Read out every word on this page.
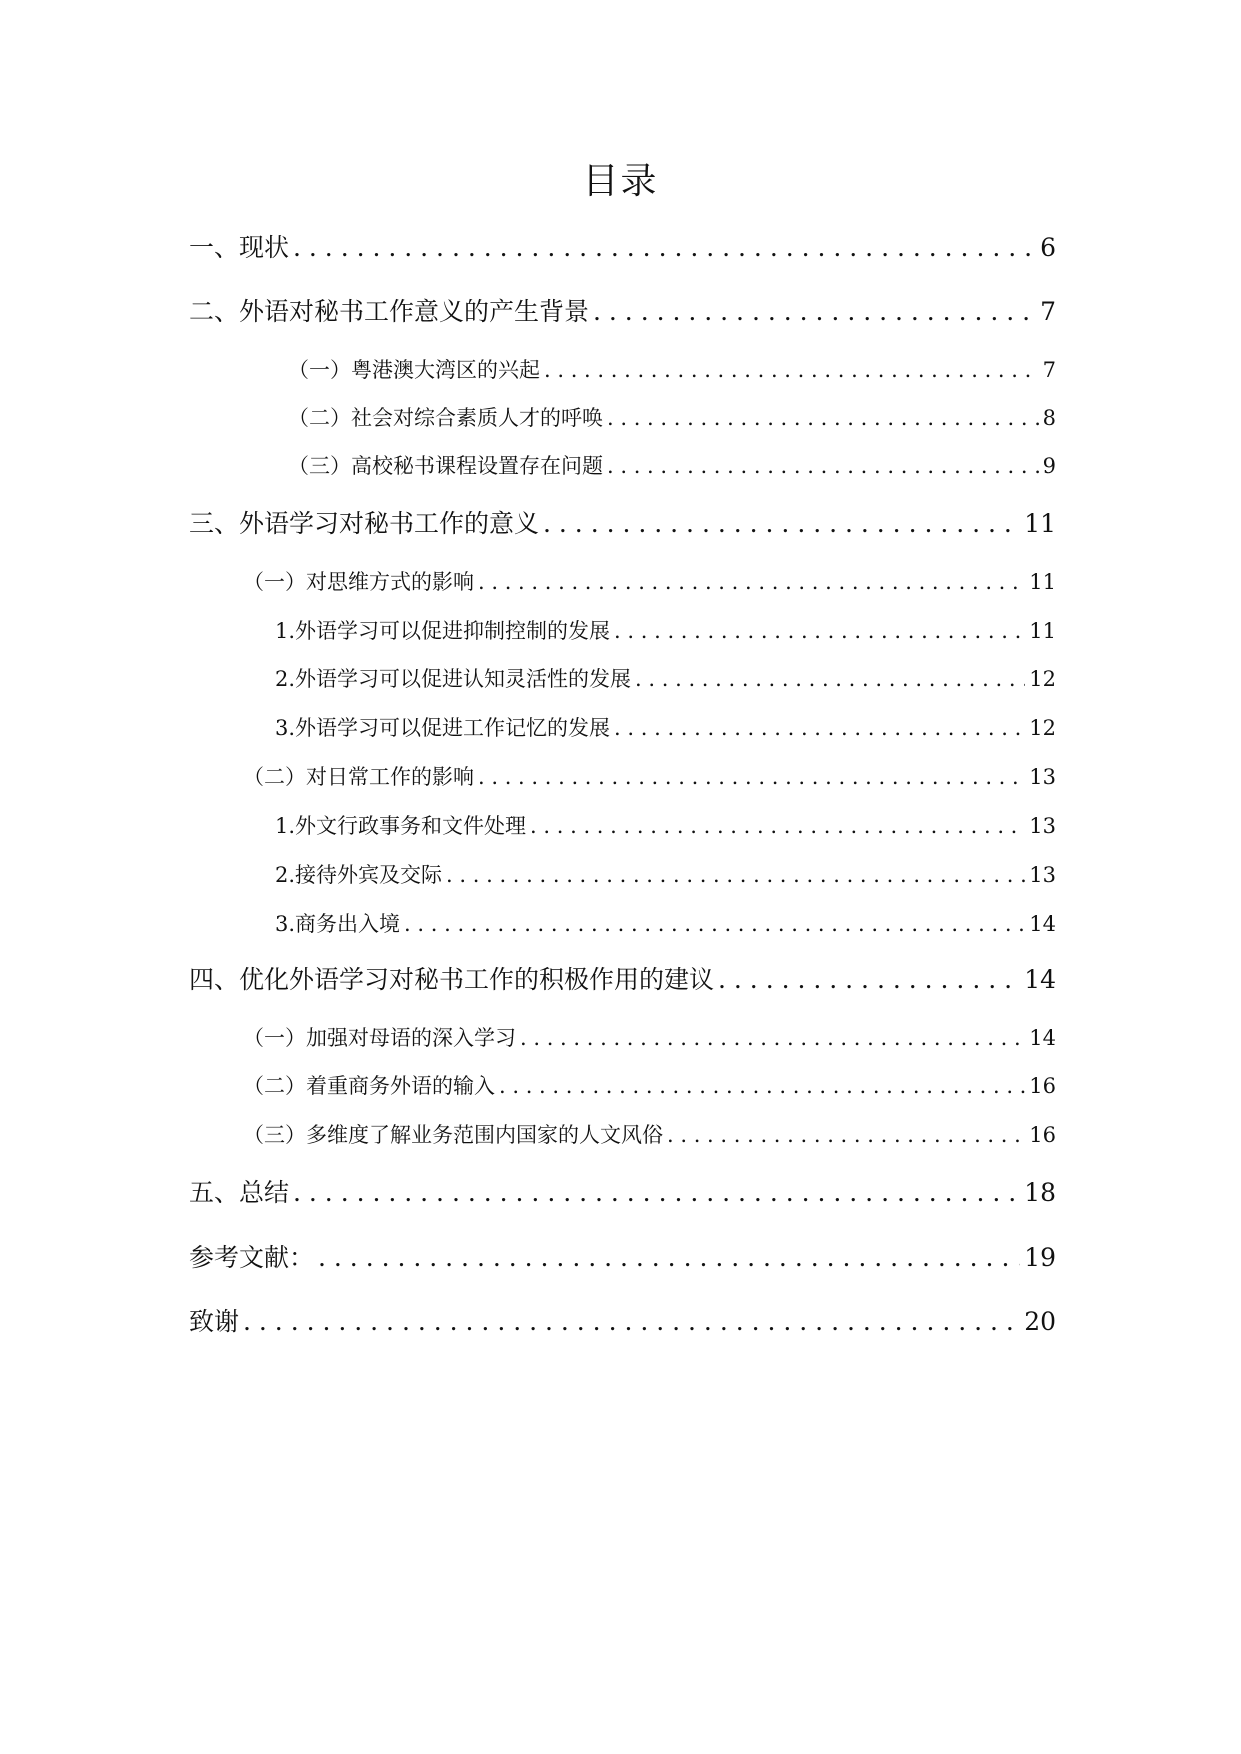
目录
一、现状 . . .	6
二、外语对秘书工作意义的产生背景 . . .	7
（一）粤港澳大湾区的兴起 . . .	7
（二）社会对综合素质人才的呼唤 . . .	8
（三）高校秘书课程设置存在问题 . . .	9
三、外语学习对秘书工作的意义 . . .	11
（一）对思维方式的影响 . . .	11
1.外语学习可以促进抑制控制的发展 . . .	11
2.外语学习可以促进认知灵活性的发展 . . .	12
3.外语学习可以促进工作记忆的发展 . . .	12
（二）对日常工作的影响 . . .	13
1.外文行政事务和文件处理 . . .	13
2.接待外宾及交际 . . .	13
3.商务出入境 . . .	14
四、优化外语学习对秘书工作的积极作用的建议 . . .	14
（一）加强对母语的深入学习 . . .	14
（二）着重商务外语的输入 . . .	16
（三）多维度了解业务范围内国家的人文风俗 . . .	16
五、总结 . . .	18
参考文献： . . .	19
致谢 . . .	20
